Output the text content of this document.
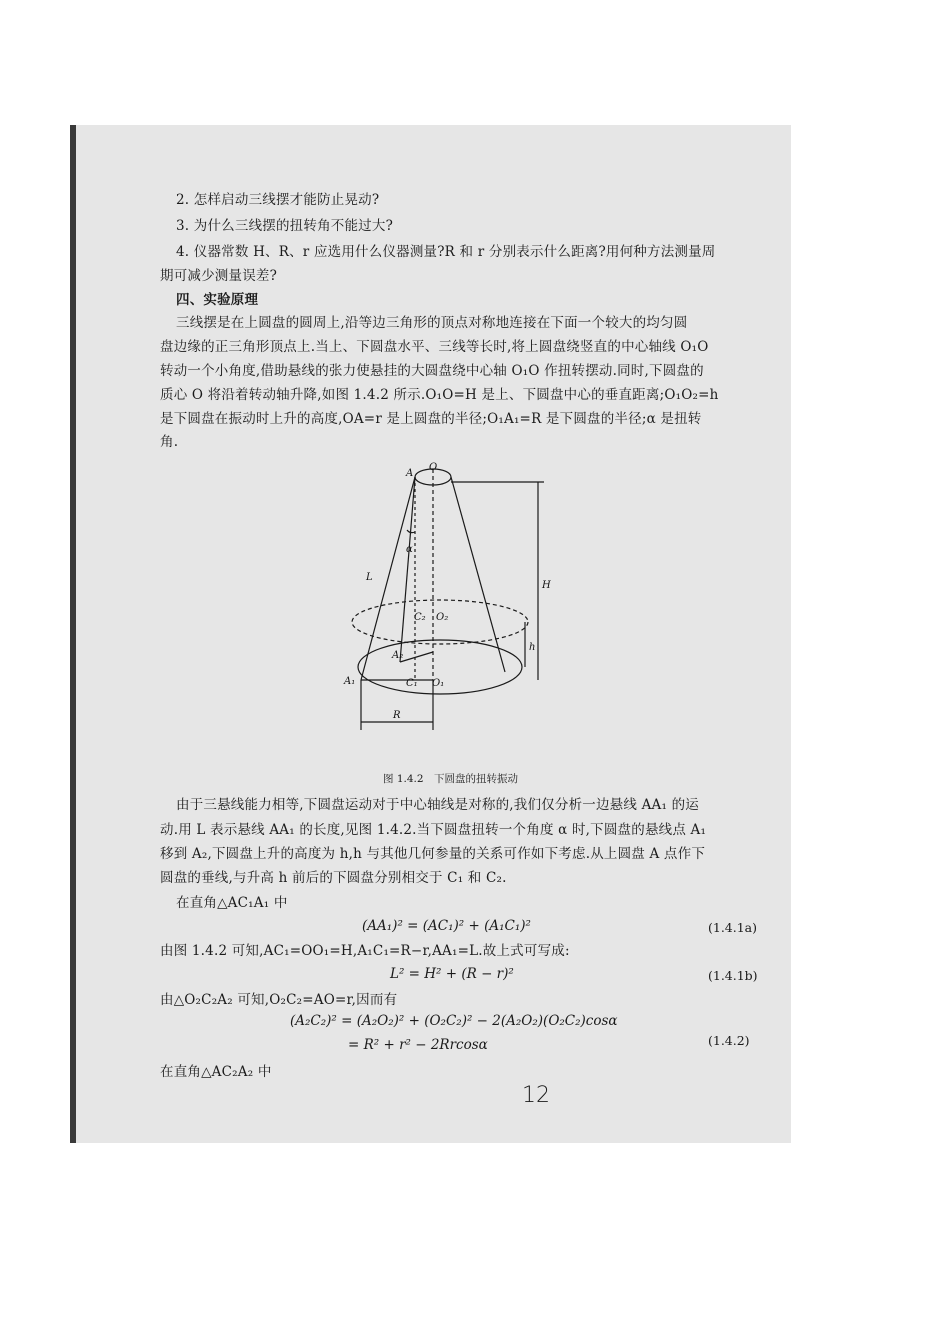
2. 怎样启动三线摆才能防止晃动?
3. 为什么三线摆的扭转角不能过大?
4. 仪器常数 H、R、r 应选用什么仪器测量?R 和 r 分别表示什么距离?用何种方法测量周
期可减少测量误差?
四、实验原理
三线摆是在上圆盘的圆周上,沿等边三角形的顶点对称地连接在下面一个较大的均匀圆
盘边缘的正三角形顶点上.当上、下圆盘水平、三线等长时,将上圆盘绕竖直的中心轴线 O₁O
转动一个小角度,借助悬线的张力使悬挂的大圆盘绕中心轴 O₁O 作扭转摆动.同时,下圆盘的
质心 O 将沿着转动轴升降,如图 1.4.2 所示.O₁O=H 是上、下圆盘中心的垂直距离;O₁O₂=h
是下圆盘在振动时上升的高度,OA=r 是上圆盘的半径;O₁A₁=R 是下圆盘的半径;α 是扭转
角.
A
O
α
L
H
C₂ O₂
A₂
h
A₁	C₁ O₁
R
图 1.4.2　下圆盘的扭转振动
由于三悬线能力相等,下圆盘运动对于中心轴线是对称的,我们仅分析一边悬线 AA₁ 的运
动.用 L 表示悬线 AA₁ 的长度,见图 1.4.2.当下圆盘扭转一个角度 α 时,下圆盘的悬线点 A₁
移到 A₂,下圆盘上升的高度为 h,h 与其他几何参量的关系可作如下考虑.从上圆盘 A 点作下
圆盘的垂线,与升高 h 前后的下圆盘分别相交于 C₁ 和 C₂.
在直角△AC₁A₁ 中
(AA₁)² = (AC₁)² + (A₁C₁)²	(1.4.1a)
由图 1.4.2 可知,AC₁=OO₁=H,A₁C₁=R−r,AA₁=L.故上式可写成:
L² = H² + (R − r)²	(1.4.1b)
由△O₂C₂A₂ 可知,O₂C₂=AO=r,因而有
(A₂C₂)² = (A₂O₂)² + (O₂C₂)² − 2(A₂O₂)(O₂C₂)cosα
= R² + r² − 2Rrcosα	(1.4.2)
在直角△AC₂A₂ 中
12
